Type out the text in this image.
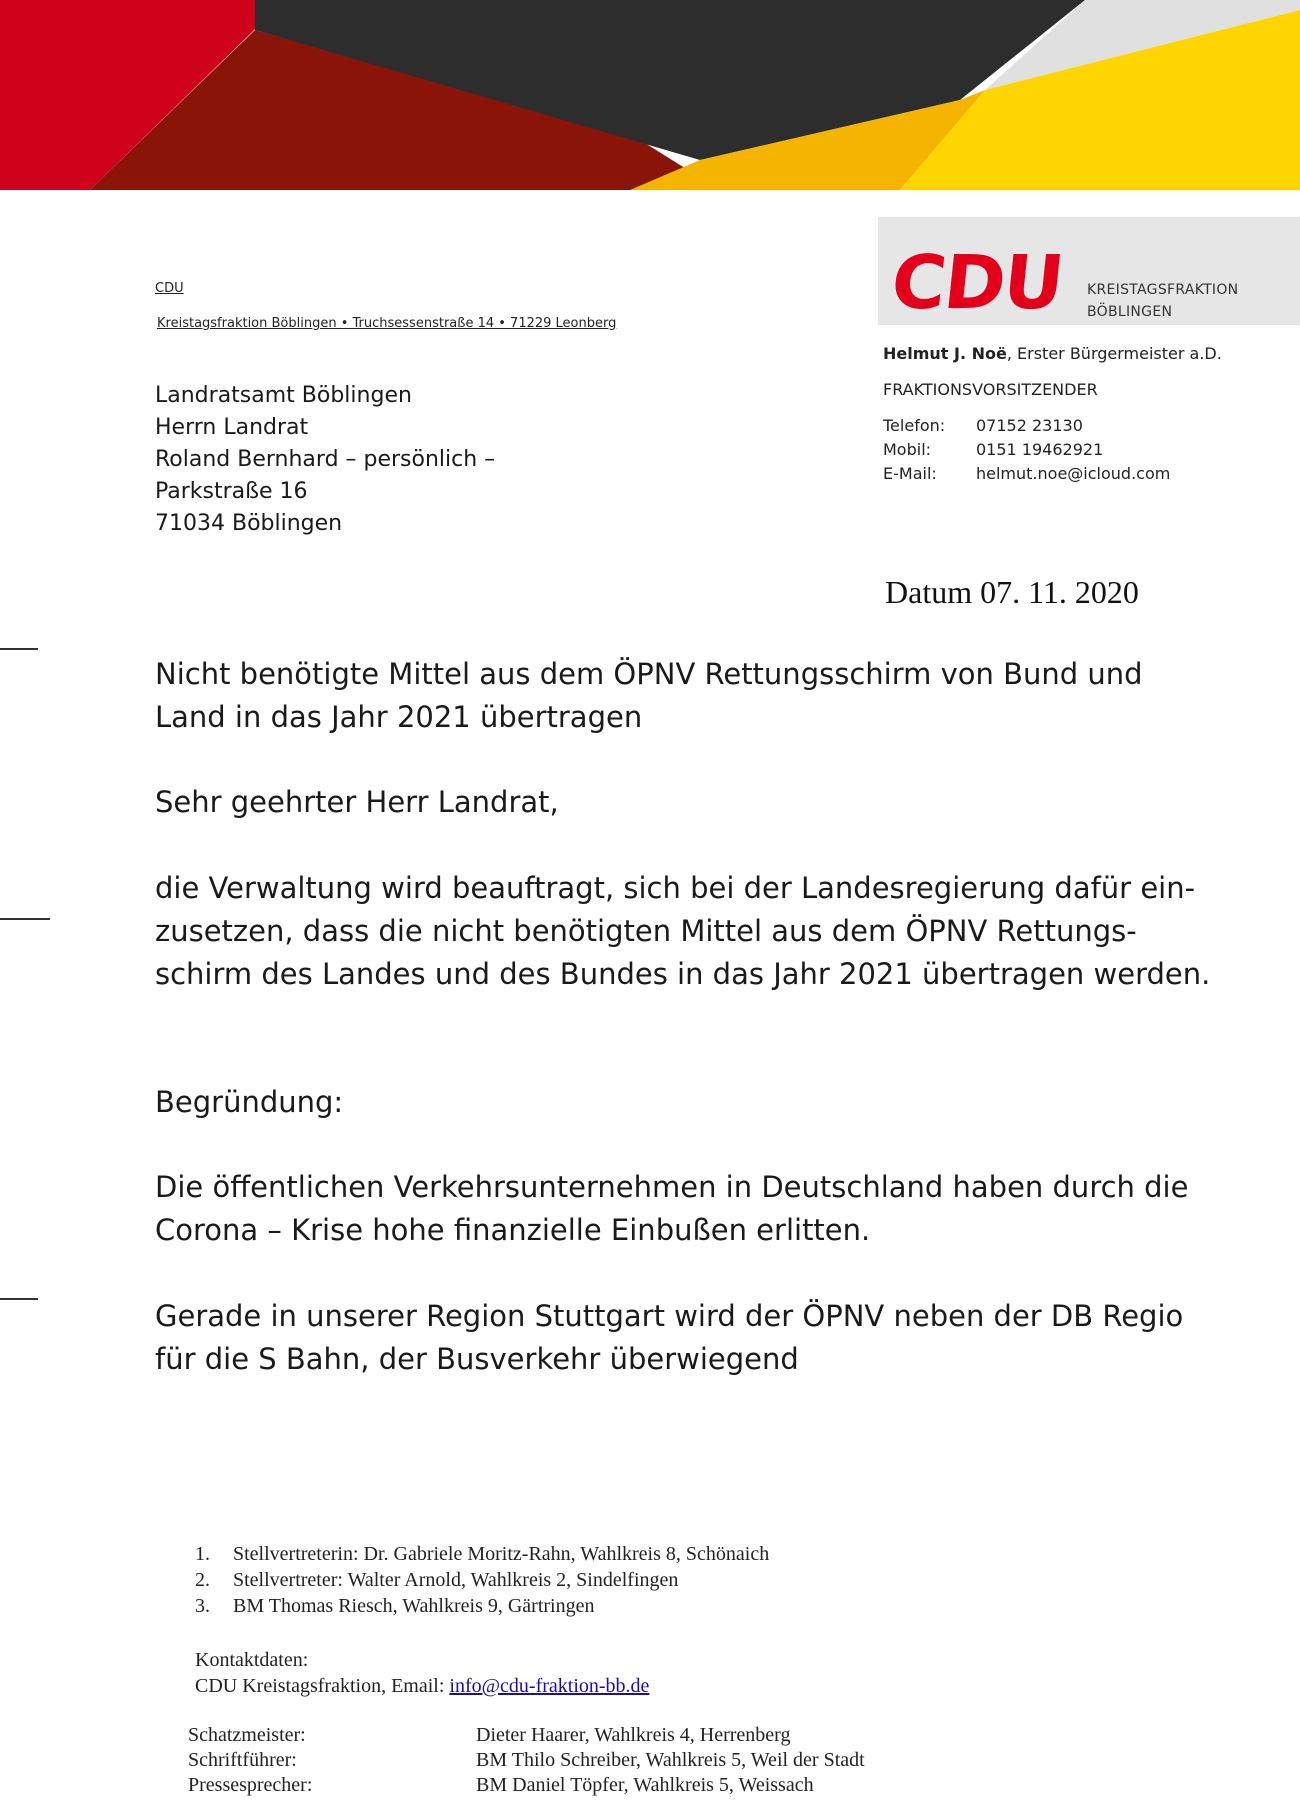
CDU KREISTAGSFRAKTION
BÖBLINGEN
CDU
Kreistagsfraktion Böblingen • Truchsessenstraße 14 • 71229 Leonberg
Helmut J. Noë, Erster Bürgermeister a.D.
FRAKTIONSVORSITZENDER
Telefon: 07152 23130
Mobil:	0151 19462921
E-Mail: helmut.noe@icloud.com
Landratsamt Böblingen
Herrn Landrat
Roland Bernhard – persönlich –
Parkstraße 16
71034 Böblingen
Datum 07. 11. 2020
Nicht benötigte Mittel aus dem ÖPNV Rettungsschirm von Bund und
Land in das Jahr 2021 übertragen
Sehr geehrter Herr Landrat,
die Verwaltung wird beauftragt, sich bei der Landesregierung dafür ein-
zusetzen, dass die nicht benötigten Mittel aus dem ÖPNV Rettungs-
schirm des Landes und des Bundes in das Jahr 2021 übertragen werden.
Begründung:
Die öffentlichen Verkehrsunternehmen in Deutschland haben durch die
Corona – Krise hohe finanzielle Einbußen erlitten.
Gerade in unserer Region Stuttgart wird der ÖPNV neben der DB Regio
für die S Bahn, der Busverkehr überwiegend
1. Stellvertreterin: Dr. Gabriele Moritz-Rahn, Wahlkreis 8, Schönaich
2. Stellvertreter: Walter Arnold, Wahlkreis 2, Sindelfingen
3. BM Thomas Riesch, Wahlkreis 9, Gärtringen
Kontaktdaten:
CDU Kreistagsfraktion, Email: info@cdu-fraktion-bb.de
Schatzmeister:	Dieter Haarer, Wahlkreis 4, Herrenberg
Schriftführer:	BM Thilo Schreiber, Wahlkreis 5, Weil der Stadt
Pressesprecher:	BM Daniel Töpfer, Wahlkreis 5, Weissach
